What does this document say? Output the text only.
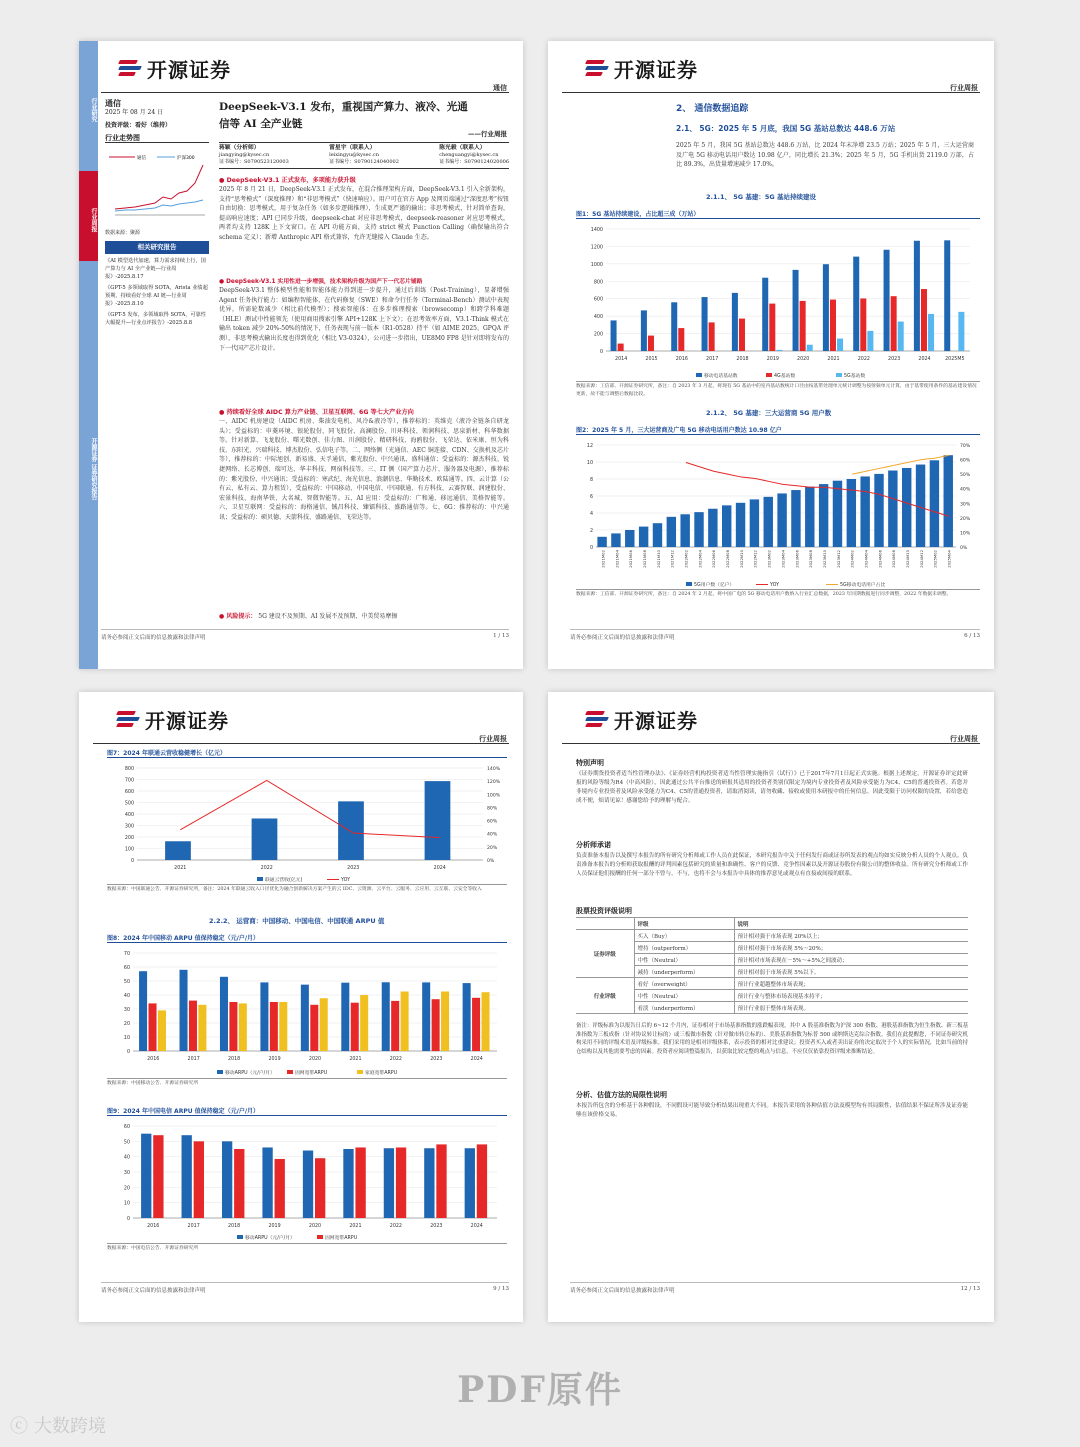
行业研究
行业周报
开源证券 证券研究报告
开源证券
通信
通信
2025 年 08 月 24 日
投资评级：看好（维持）
行业走势图
通信	沪深300
数据来源：聚源
相关研究报告
《AI 模型迭代加速，算力需求持续上行，国产算力与 AI 全产业链—行业周报》-2025.8.17
《GPT-5 多领域取得 SOTA，Arista 业绩超预期，持续看好全球 AI 链—行业周报》-2025.8.10
《GPT-5 发布，多领域取得 SOTA，可靠性大幅提升—行业点评报告》-2025.8.8
DeepSeek-V3.1 发布，重视国产算力、液冷、光通
信等 AI 全产业链
——行业周报
蒋颖（分析师）
jiangying@kysec.cn
证书编号：S0790523120003
雷星宇（联系人）
leixingyu@kysec.cn
证书编号：S0790124040002
陈光毅（联系人）
chenguangyi@kysec.cn
证书编号：S0790124020006
● DeepSeek-V3.1 正式发布，多项能力获升级
2025 年 8 月 21 日，DeepSeek-V3.1 正式发布，在混合推理架构方面，DeepSeek-V3.1 引入全新架构，支持“思考模式”（深度推理）和“非思考模式”（快速响应）。用户可在官方 App 及网页端通过“深度思考”按钮自由切换：思考模式，用于复杂任务（如多步逻辑推理），生成更严谨的输出；非思考模式，针对简单查询，提高响应速度；API 已同步升级，deepseek-chat 对应非思考模式，deepseek-reasoner 对应思考模式，两者均支持 128K 上下文窗口。在 API 功能方面，支持 strict 模式 Function Calling（确保输出符合 schema 定义）；新增 Anthropic API 格式兼容，允许无缝接入 Claude 生态。
● DeepSeek-V3.1 实用性进一步增强，技术架构升级为国产下一代芯片铺路
DeepSeek-V3.1 整体模型性能和智能体能力得到进一步提升，通过后训练（Post-Training），显著增强 Agent 任务执行能力：如编程智能体，在代码修复（SWE）和命令行任务（Terminal-Bench）测试中表现优异，所需轮数减少（相比前代模型）；搜索智能体：在多步推理搜索（browsecomp）和跨学科难题（HLE）测试中性能领先（使用商用搜索引擎 API+128K 上下文）；在思考效率方面，V3.1-Think 模式在输出 token 减少 20%-50%的情况下，任务表现与前一版本（R1-0528）持平（如 AIME 2025、GPQA 评测），非思考模式输出长度也得到优化（相比 V3-0324），公司进一步指出，UE8M0 FP8 是针对即将发布的下一代国产芯片设计。
● 持续看好全球 AIDC 算力产业链、卫星互联网、6G 等七大产业方向
一、AIDC 机房建设（AIDC 机房、柴油发电机、风冷&液冷等），推荐标的：英维克（液冷全链条自研龙头）；受益标的：申菱环境、银轮股份、同飞股份、高澜股份、川环科技、领润科技、思泉新材、科华数据等。针对新算、飞龙股份、曙光数创、佳力图、川润股份、精研科技、海鸥股份、飞荣达、依米康、恒为科技、东阳光、兴瑞科技、博杰股份、弘信电子等。二、网络侧（光通信、AEC 铜连接、CDN、交换机及芯片等），推荐标的：中际旭创、新易盛、天孚通信，紫光股份、中兴通讯、盛科通信；受益标的：源杰科技、锐捷网络、长芯博创、瑞可达、华丰科技、网宿科技等。三、IT 侧（国产算力芯片、服务器及电源），推荐标的：紫光股份、中兴通讯；受益标的：寒武纪、海光信息、浪潮信息、华勤技术、欧陆通等。四、云计算（公有云、私有云、算力租赁），受益标的：中国移动、中国电信、中国联通、有方科技、云赛智联、润建股份、宏景科技、海南华铁、大名城、智微智能等。五、AI 应用：受益标的：广和通、移远通信、美格智能等。六、卫星互联网：受益标的：海格通信、铖昌科技、臻镭科技、盛路通信等。七、6G：推荐标的：中兴通讯；受益标的：硕贝德、天箭科技、盛路通信、飞荣达等。
● 风险提示： 5G 建设不及预期、AI 发展不及预期、中美贸易摩擦
请务必参阅正文后面的信息披露和法律声明	1 / 13
开源证券
行业周报
2、 通信数据追踪
2.1、 5G：2025 年 5 月底，我国 5G 基站总数达 448.6 万站
2025 年 5 月，我国 5G 基站总数达 448.6 万站，比 2024 年末净增 23.5 万站；2025 年 5 月，三大运营商及广电 5G 移动电话用户数达 10.98 亿户，同比增长 21.3%；2025 年 5 月，5G 手机出货 2119.0 万部，占比 89.3%，出货量增速减少 17.0%。
2.1.1、 5G 基建：5G 基站持续建设
图1：5G 基站持续建设，占比超三成（万站）
0
200
400
600
800
1000
1200
1400
2014	2015	2016	2017	2018	2019	2020	2021	2022	2023	2024	2025M5
移动电话基站数	4G基站数	5G基站数
数据来源：工信部、开源证券研究所，备注：自 2023 年 3 月起，将现有 5G 基站中的室内基站数统计口径由按基带处理单元统计调整为按射频单元计算，由于基带使用条件的基站建设情况更新，故不能与调整后数据比较。
2.1.2、 5G 基建：三大运营商 5G 用户数
图2：2025 年 5 月，三大运营商及广电 5G 移动电话用户数达 10.98 亿户
0
2
4
6
8
10
12
2021M02 2021M04 2021M06 2021M08 2021M10 2021M12 2022M02 2022M04 2022M06 2022M08 2022M10 2022M12 2023M02 2023M04 2023M06 2023M08 2023M10 2023M12 2024M02 2024M04 2024M06 2024M08 2024M10 2024M12 2025M02 2025M04
0%
10%
20%
30%
40%
50%
60%
70%
5G用户数（亿户）	YOY	5G移动电话用户占比
数据来源：工信部、开源证券研究所，备注：自 2024 年 2 月起，将中国广电的 5G 移动电话用户数纳入行业汇总数据，2023 年同期数据进行同步调整，2022 年数据未调整。
请务必参阅正文后面的信息披露和法律声明	6 / 13
开源证券
行业周报
图7：2024 年联通云营收稳健增长（亿元）
0
100
200
300
400
500
600
700
800
2021	2022	2023	2024
0%
20%
40%
60%
80%
100%
120%
140%
联通云营收(亿元)	YOY
数据来源：中国联通公告、开源证券研究所，备注：2024 年联通云收入口径优化为融合创新解决方案产生的云 IDC、云资源、云平台、云服务、云应用、云互联、云安全等收入
2.2.2、 运营商：中国移动、中国电信、中国联通 ARPU 值
图8：2024 年中国移动 ARPU 值保持稳定（元/户/月）
0
10
20
30
40
50
60
70
2016	2017	2018	2019	2020	2021	2022	2023	2024
移动ARPU（元/户/月）	固网宽带ARPU	家庭宽带ARPU
数据来源：中国移动公告、开源证券研究所
图9：2024 年中国电信 ARPU 值保持稳定（元/户/月）
0
10
20
30
40
50
60
2016	2017	2018	2019	2020	2021	2022	2023	2024
移动ARPU（元/户/月）	固网宽带ARPU
数据来源：中国电信公告、开源证券研究所
请务必参阅正文后面的信息披露和法律声明	9 / 13
开源证券
行业周报
特别声明
《证券期货投资者适当性管理办法》、《证券经营机构投资者适当性管理实施指引（试行）》已于2017年7月1日起正式实施。根据上述规定，开源证券评定此研报的风险等级为R4（中高风险），因此通过公共平台推送的研报其适用的投资者类别仅限定为境内专业投资者及风险承受能力为C4、C5的普通投资者。若您并非境内专业投资者及风险承受能力为C4、C5的普通投资者，请取消阅读，请勿收藏、接收或使用本研报中的任何信息。因此受限于访问权限的设置，若给您造成不便，烦请见谅！感谢您给予的理解与配合。
分析师承诺
负责准备本报告以及撰写本报告的所有研究分析师或工作人员在此保证，本研究报告中关于任何发行商或证券所发表的观点均如实反映分析人员的个人观点。负责准备本报告的分析师获取报酬的评判因素包括研究的质量和准确性、客户的反馈、竞争性因素以及开源证券股份有限公司的整体收益。所有研究分析师或工作人员保证他们报酬的任何一部分不曾与，不与，也将不会与本报告中具体的推荐意见或观点有直接或间接的联系。
股票投资评级说明
	评级	说明
证券评级	买入（Buy）	预计相对强于市场表现 20%以上；
	增持（outperform）	预计相对强于市场表现 5%～20%；
	中性（Neutral）	预计相对市场表现在－5%～+5%之间波动；
	减持（underperform）	预计相对弱于市场表现 5%以下。
行业评级	看好（overweight）	预计行业超越整体市场表现；
	中性（Neutral）	预计行业与整体市场表现基本持平；
	看淡（underperform）	预计行业弱于整体市场表现。
备注：评级标准为以报告日后的 6~12 个月内，证券相对于市场基准指数的涨跌幅表现，其中 A 股基准指数为沪深 300 指数、港股基准指数为恒生指数、新三板基准指数为三板成指（针对协议转让标的）或三板做市指数（针对做市转让标的）、美股基准指数为标普 500 或纳斯达克综合指数。我们在此提醒您，不同证券研究机构采用不同的评级术语及评级标准。我们采用的是相对评级体系，表示投资的相对比重建议；投资者买入或者卖出证券的决定取决于个人的实际情况，比如当前的持仓结构以及其他需要考虑的因素。投资者应阅读整篇报告，以获取比较完整的观点与信息，不应仅仅依靠投资评级来推断结论。
分析、估值方法的局限性说明
本报告所包含的分析基于各种假设，不同假设可能导致分析结果出现重大不同。本报告采用的各种估值方法及模型均有其局限性，估值结果不保证所涉及证券能够在该价格交易。
请务必参阅正文后面的信息披露和法律声明	12 / 13
PDF原件
ⓒ 大数跨境
